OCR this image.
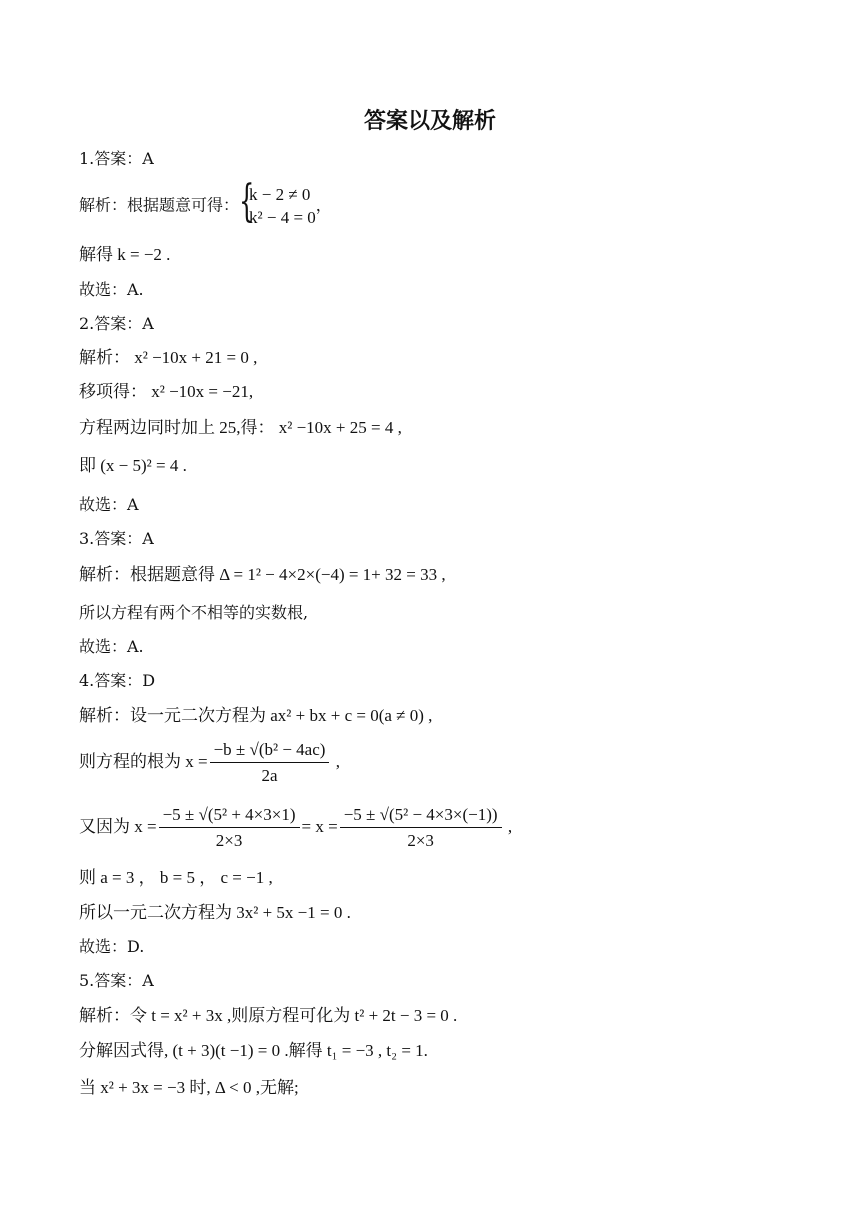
答案以及解析
1.答案：A
解析：根据题意可得： {
k − 2 ≠ 0
k² − 4 = 0
，
解得 k = −2 .
故选：A.
2.答案：A
解析： x² −10x + 21 = 0 ,
移项得： x² −10x = −21,
方程两边同时加上 25,得： x² −10x + 25 = 4 ,
即 (x − 5)² = 4 .
故选：A
3.答案：A
解析：根据题意得 Δ = 1² − 4×2×(−4) = 1+ 32 = 33 ,
所以方程有两个不相等的实数根,
故选：A.
4.答案：D
解析：设一元二次方程为 ax² + bx + c = 0(a ≠ 0) ,
则方程的根为 $x = \frac{\text{−b ± √(b² − 4ac)}}{2a}$ ,
又因为 $x = \frac{\text{−5 ± √(5² + 4×3×1)}}{2\times 3} = x = \frac{\text{−5 ± √(5² − 4×3×(−1))}}{2\times 3}$ ,
则 a = 3 ， b = 5 ， c = −1 ,
所以一元二次方程为 3x² + 5x −1 = 0 .
故选：D.
5.答案：A
解析：令 t = x² + 3x ,则原方程可化为 t² + 2t − 3 = 0 .
分解因式得, (t + 3)(t −1) = 0 .解得 t₁ = −3 , t₂ = 1.
当 x² + 3x = −3 时, Δ < 0 ,无解;
